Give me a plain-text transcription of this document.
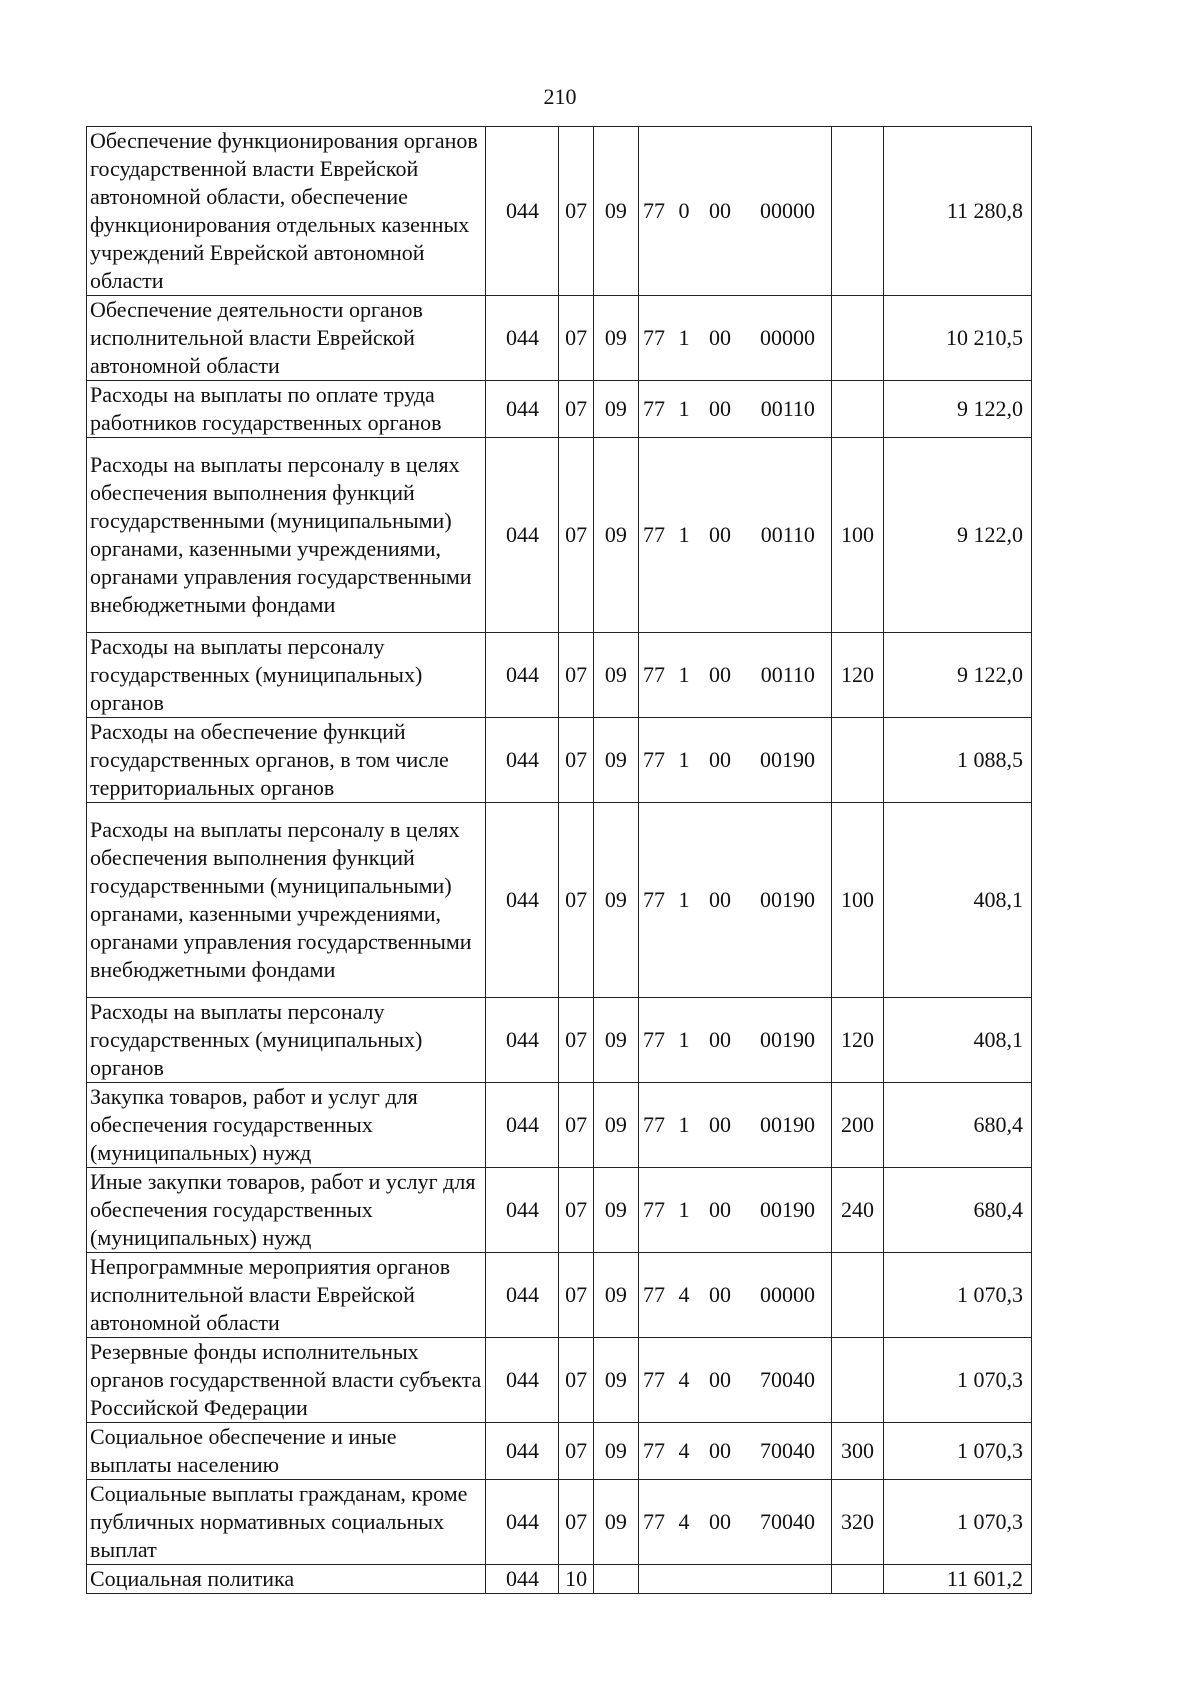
210
Обеспечение функционирования органов государственной власти Еврейской автономной области, обеспечение функционирования отдельных казенных учреждений Еврейской автономной области	044	07	09	77 0 00 00000		11 280,8
Обеспечение деятельности органов исполнительной власти Еврейской автономной области	044	07	09	77 1 00 00000		10 210,5
Расходы на выплаты по оплате труда работников государственных органов	044	07	09	77 1 00 00110		9 122,0
Расходы на выплаты персоналу в целях обеспечения выполнения функций государственными (муниципальными) органами, казенными учреждениями, органами управления государственными внебюджетными фондами	044	07	09	77 1 00 00110	100	9 122,0
Расходы на выплаты персоналу государственных (муниципальных) органов	044	07	09	77 1 00 00110	120	9 122,0
Расходы на обеспечение функций государственных органов, в том числе территориальных органов	044	07	09	77 1 00 00190		1 088,5
Расходы на выплаты персоналу в целях обеспечения выполнения функций государственными (муниципальными) органами, казенными учреждениями, органами управления государственными внебюджетными фондами	044	07	09	77 1 00 00190	100	408,1
Расходы на выплаты персоналу государственных (муниципальных) органов	044	07	09	77 1 00 00190	120	408,1
Закупка товаров, работ и услуг для обеспечения государственных (муниципальных) нужд	044	07	09	77 1 00 00190	200	680,4
Иные закупки товаров, работ и услуг для обеспечения государственных (муниципальных) нужд	044	07	09	77 1 00 00190	240	680,4
Непрограммные мероприятия органов исполнительной власти Еврейской автономной области	044	07	09	77 4 00 00000		1 070,3
Резервные фонды исполнительных органов государственной власти субъекта Российской Федерации	044	07	09	77 4 00 70040		1 070,3
Социальное обеспечение и иные выплаты населению	044	07	09	77 4 00 70040	300	1 070,3
Социальные выплаты гражданам, кроме публичных нормативных социальных выплат	044	07	09	77 4 00 70040	320	1 070,3
Социальная политика	044	10				11 601,2
